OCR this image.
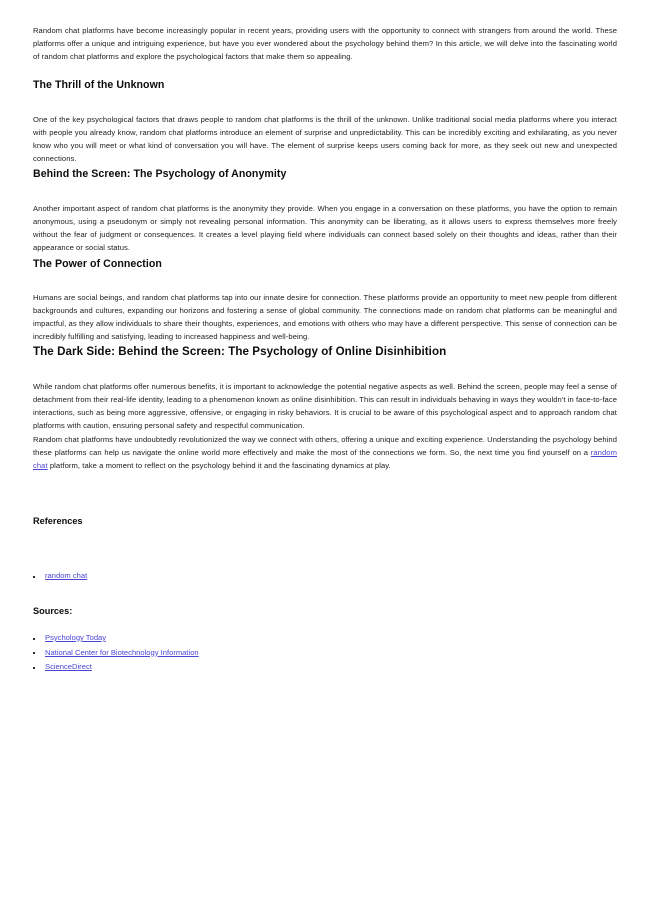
Random chat platforms have become increasingly popular in recent years, providing users with the opportunity to connect with strangers from around the world. These platforms offer a unique and intriguing experience, but have you ever wondered about the psychology behind them? In this article, we will delve into the fascinating world of random chat platforms and explore the psychological factors that make them so appealing.

The Thrill of the Unknown

One of the key psychological factors that draws people to random chat platforms is the thrill of the unknown. Unlike traditional social media platforms where you interact with people you already know, random chat platforms introduce an element of surprise and unpredictability. This can be incredibly exciting and exhilarating, as you never know who you will meet or what kind of conversation you will have. The element of surprise keeps users coming back for more, as they seek out new and unexpected connections.

Behind the Screen: The Psychology of Anonymity

Another important aspect of random chat platforms is the anonymity they provide. When you engage in a conversation on these platforms, you have the option to remain anonymous, using a pseudonym or simply not revealing personal information. This anonymity can be liberating, as it allows users to express themselves more freely without the fear of judgment or consequences. It creates a level playing field where individuals can connect based solely on their thoughts and ideas, rather than their appearance or social status.

The Power of Connection

Humans are social beings, and random chat platforms tap into our innate desire for connection. These platforms provide an opportunity to meet new people from different backgrounds and cultures, expanding our horizons and fostering a sense of global community. The connections made on random chat platforms can be meaningful and impactful, as they allow individuals to share their thoughts, experiences, and emotions with others who may have a different perspective. This sense of connection can be incredibly fulfilling and satisfying, leading to increased happiness and well-being.

The Dark Side: Behind the Screen: The Psychology of Online Disinhibition

While random chat platforms offer numerous benefits, it is important to acknowledge the potential negative aspects as well. Behind the screen, people may feel a sense of detachment from their real-life identity, leading to a phenomenon known as online disinhibition. This can result in individuals behaving in ways they wouldn't in face-to-face interactions, such as being more aggressive, offensive, or engaging in risky behaviors. It is crucial to be aware of this psychological aspect and to approach random chat platforms with caution, ensuring personal safety and respectful communication.

Random chat platforms have undoubtedly revolutionized the way we connect with others, offering a unique and exciting experience. Understanding the psychology behind these platforms can help us navigate the online world more effectively and make the most of the connections we form. So, the next time you find yourself on a random chat platform, take a moment to reflect on the psychology behind it and the fascinating dynamics at play.

References
random chat
Sources:
Psychology Today
National Center for Biotechnology Information
ScienceDirect
